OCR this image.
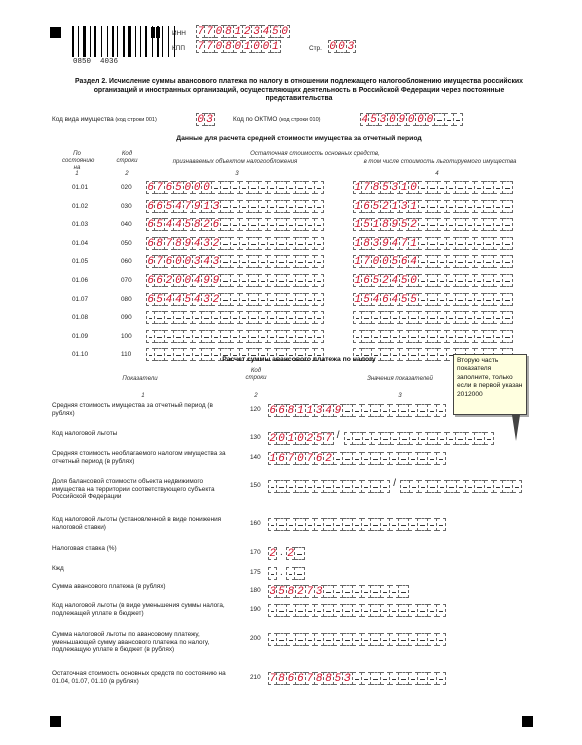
0850  4036
ИНН 7 7 0 8 1 2 3 4 5 0
КПП 7 7 0 8 0 1 0 0 1	Стр. 0 0 3
Раздел 2. Исчисление суммы авансового платежа по налогу в отношении подлежащего налогообложению имущества российских организаций и иностранных организаций, осуществляющих деятельность в Российской Федерации через постоянные представительства
Код вида имущества (код строки 001)	0 3	Код по ОКТМО (код строки 010)	4 5 3 0 9 0 0 0
Данные для расчета средней стоимости имущества за отчетный период
По состоянию на
Код строки
Остаточная стоимость основных средств,
признаваемых объектом налогообложения	в том числе стоимость льготируемого имущества
1	2	3	4
01.01	020 6 7 6 5 0 0 0	1 7 8 5 3 1 0
01.02	030 6 6 5 4 7 9 1 З	1 6 5 2 1 3 1
01.03	040 6 5 4 4 5 8 2 6	1 5 1 8 9 5 2
01.04	050 6 8 7 8 9 4 3 2	1 8 3 9 4 7 1
01.05	060 6 7 6 0 0 3 4 3	1 7 0 0 5 6 4
01.06	070 6 6 2 0 0 4 9 9	1 6 5 2 4 5 0
01.07	080 6 5 4 4 5 4 3 2	1 5 4 6 4 5 5
01.08	090
01.09	100
01.10	110
Расчет суммы авансового платежа по налогу
Показатели
Код строки	Значения показателей
1	2	3
Средняя стоимость имущества за отчетный период (в рублях)
120 6 6 8 1 1 3 4 9
Код налоговой льготы
130 2 0 1 0 2 5 7 /
Средняя стоимость необлагаемого налогом имущества за отчетный период (в рублях)
140 1 6 7 0 7 6 2
Доля балансовой стоимости объекта недвижимого имущества на территории соответствующего субъекта Российской Федерации
150	/
Код налоговой льготы (установленной в виде понижения налоговой ставки)
160
Налоговая ставка (%)
170 2 . 2
Кжд
175 .
Сумма авансового платежа (в рублях)
180 3 5 8 2 7 3
Код налоговой льготы (в виде уменьшения суммы налога, подлежащей уплате в бюджет)
190
Сумма налоговой льготы по авансовому платежу, уменьшающей сумму авансового платежа по налогу, подлежащую уплате в бюджет (в рублях)
200
Остаточная стоимость основных средств по состоянию на 01.04, 01.07, 01.10 (в рублях)
210 7 8 6 6 7 8 8 5 З
Вторую часть показателя заполните, только если в первой указан 2012000
